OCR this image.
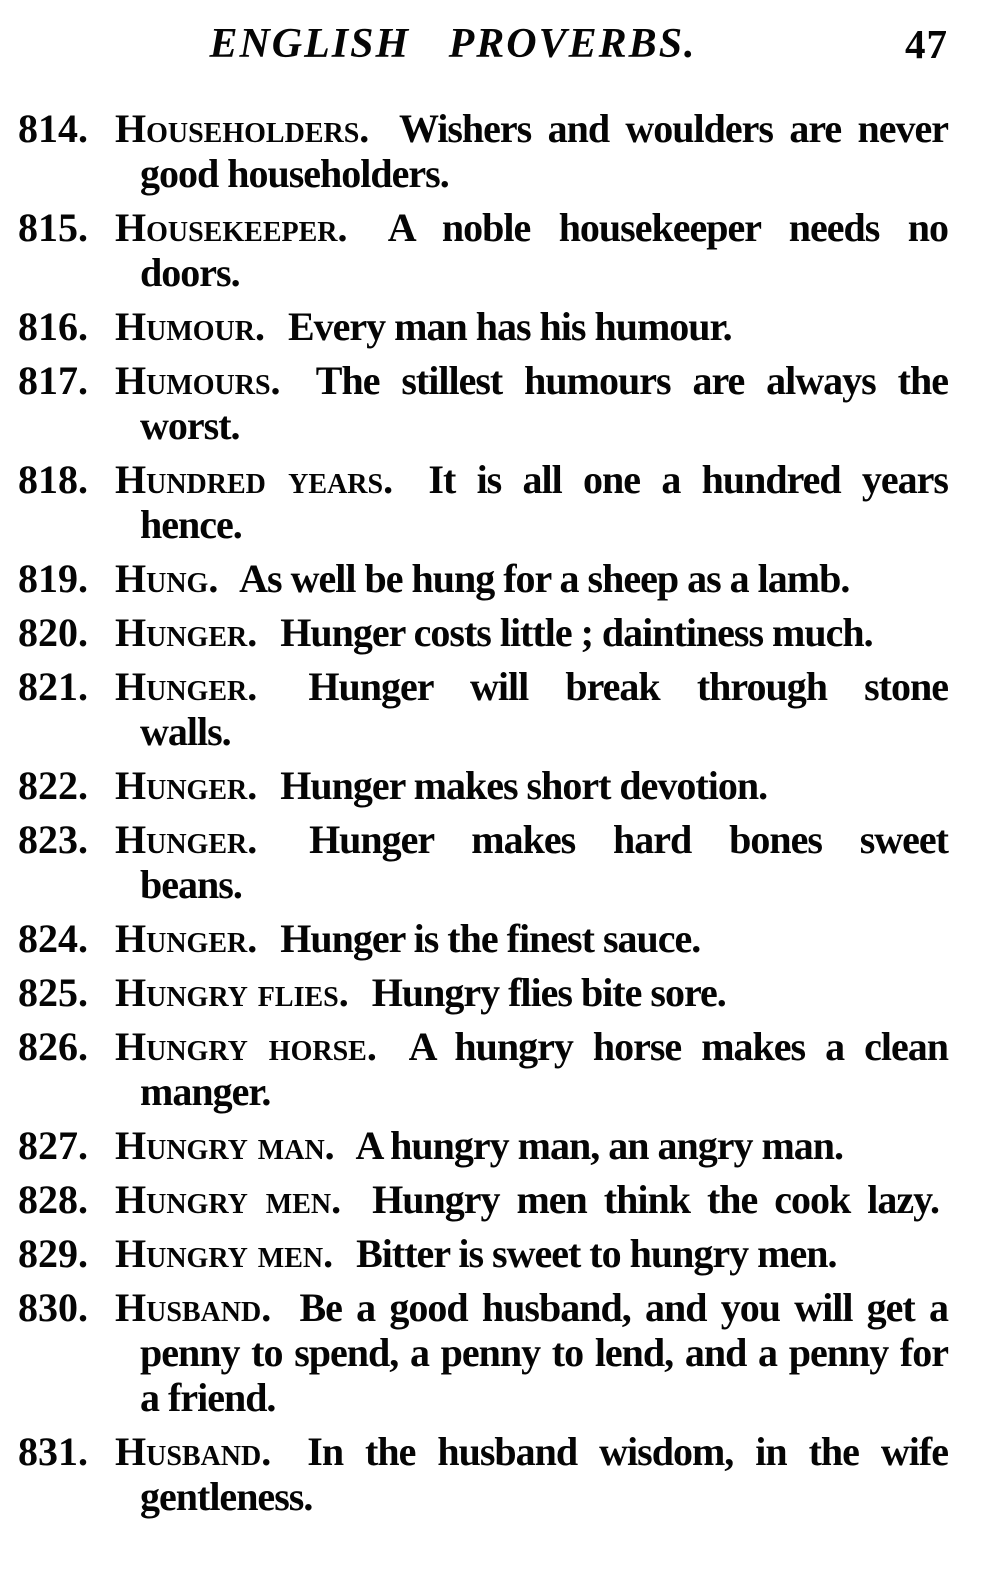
ENGLISH PROVERBS.	47

814. Householders. Wishers and woulders are never good householders.

815. Housekeeper. A noble housekeeper needs no doors.

816. Humour. Every man has his humour.

817. Humours. The stillest humours are always the worst.

818. Hundred years. It is all one a hundred years hence.

819. Hung. As well be hung for a sheep as a lamb.

820. Hunger. Hunger costs little ; daintiness much.

821. Hunger. Hunger will break through stone walls.

822. Hunger. Hunger makes short devotion.

823. Hunger. Hunger makes hard bones sweet beans.

824. Hunger. Hunger is the finest sauce.

825. Hungry flies. Hungry flies bite sore.

826. Hungry horse. A hungry horse makes a clean manger.

827. Hungry man. A hungry man, an angry man.

828. Hungry men. Hungry men think the cook lazy.

829. Hungry men. Bitter is sweet to hungry men.

830. Husband. Be a good husband, and you will get a penny to spend, a penny to lend, and a penny for a friend.

831. Husband. In the husband wisdom, in the wife gentleness.
